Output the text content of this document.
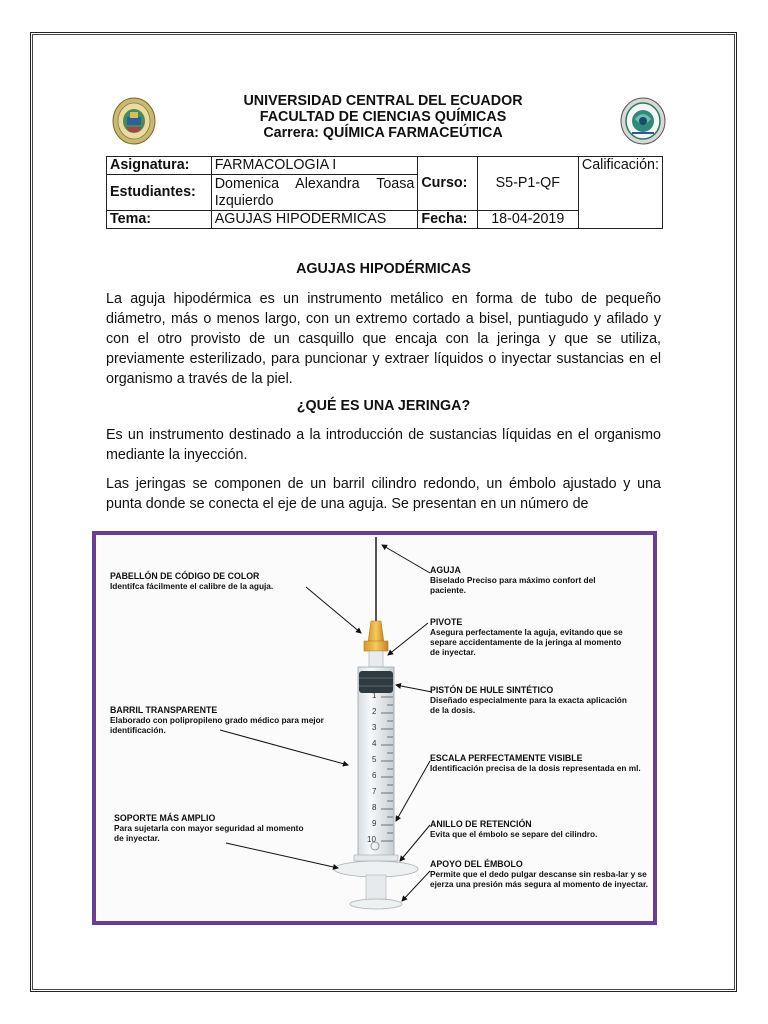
UNIVERSIDAD CENTRAL DEL ECUADOR
FACULTAD DE CIENCIAS QUÍMICAS
Carrera: QUÍMICA FARMACEÚTICA
Asignatura:	FARMACOLOGIA I	Curso:	S5-P1-QF	Calificación:
Estudiantes:	Domenica Alexandra Toasa Izquierdo			
Tema:	AGUJAS HIPODERMICAS	Fecha:	18-04-2019	
AGUJAS HIPODÉRMICAS
La aguja hipodérmica es un instrumento metálico en forma de tubo de pequeño diámetro, más o menos largo, con un extremo cortado a bisel, puntiagudo y afilado y con el otro provisto de un casquillo que encaja con la jeringa y que se utiliza, previamente esterilizado, para puncionar y extraer líquidos o inyectar sustancias en el organismo a través de la piel.
¿QUÉ ES UNA JERINGA?
Es un instrumento destinado a la introducción de sustancias líquidas en el organismo mediante la inyección.
Las jeringas se componen de un barril cilindro redondo, un émbolo ajustado y una punta donde se conecta el eje de una aguja. Se presentan en un número de
1
2
3
4
5
6
7
8
9
10
PABELLÓN DE CÓDIGO DE COLOR
Identifca fácilmente el calibre de la aguja.
AGUJA
Biselado Preciso para máximo confort del paciente.
PIVOTE
Asegura perfectamente la aguja, evitando que se separe accidentamente de la jeringa al momento de inyectar.
PISTÓN DE HULE SINTÉTICO
Diseñado especialmente para la exacta aplicación de la dosis.
BARRIL TRANSPARENTE
Elaborado con polipropileno grado médico para mejor identificación.
ESCALA PERFECTAMENTE VISIBLE
Identificación precisa de la dosis representada en ml.
SOPORTE MÁS AMPLIO
Para sujetarla con mayor seguridad al momento de inyectar.
ANILLO DE RETENCIÓN
Evita que el émbolo se separe del cilindro.
APOYO DEL ÉMBOLO
Permite que el dedo pulgar descanse sin resba-lar y se ejerza una presión más segura al momento de inyectar.
